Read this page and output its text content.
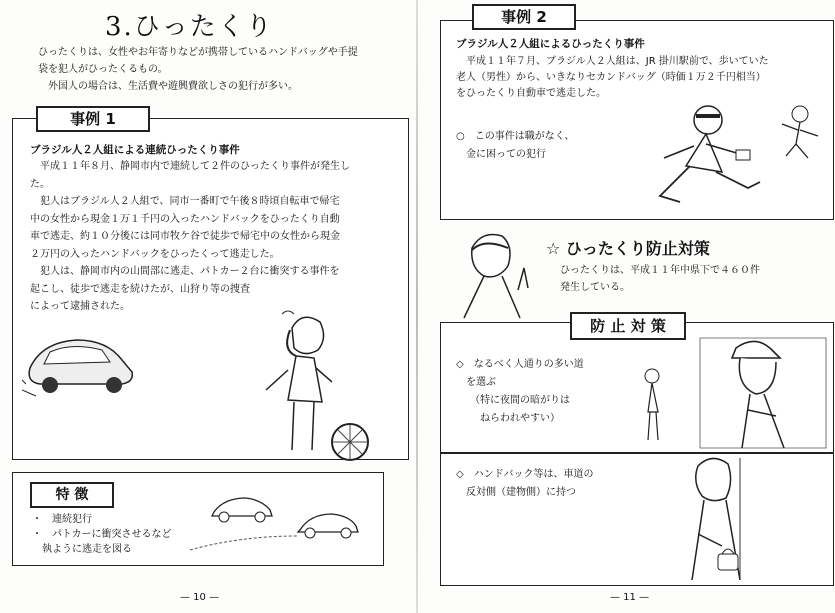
3.ひったくり
ひったくりは、女性やお年寄りなどが携帯しているハンドバッグや手提
袋を犯人がひったくるもの。
外国人の場合は、生活費や遊興費欲しさの犯行が多い。
事例 1
ブラジル人２人組による連続ひったくり事件
平成１１年８月、静岡市内で連続して２件のひったくり事件が発生し
た。
犯人はブラジル人２人組で、同市一番町で午後８時頃自転車で帰宅
中の女性から現金１万１千円の入ったハンドバックをひったくり自動
車で逃走、約１０分後には同市牧ケ谷で徒歩で帰宅中の女性から現金
２万円の入ったハンドバックをひったくって逃走した。
犯人は、静岡市内の山間部に逃走、パトカー２台に衝突する事件を
起こし、徒歩で逃走を続けたが、山狩り等の捜査
によって逮捕された。
特 徴
・　連続犯行
・　パトカーに衝突させるなど
　執ように逃走を図る
— 10 —
事例 2
ブラジル人２人組によるひったくり事件
平成１１年７月、ブラジル人２人組は、JR 掛川駅前で、歩いていた
老人（男性）から、いきなりセカンドバッグ（時価１万２千円相当）
をひったくり自動車で逃走した。
○　この事件は職がなく、
　金に困っての犯行
☆ ひったくり防止対策
ひったくりは、平成１１年中県下で４６０件
発生している。
防 止 対 策
◇　なるべく人通りの多い道
　を選ぶ
（特に夜間の暗がりは
　ねらわれやすい）
◇　ハンドバック等は、車道の
　反対側（建物側）に持つ
— 11 —
